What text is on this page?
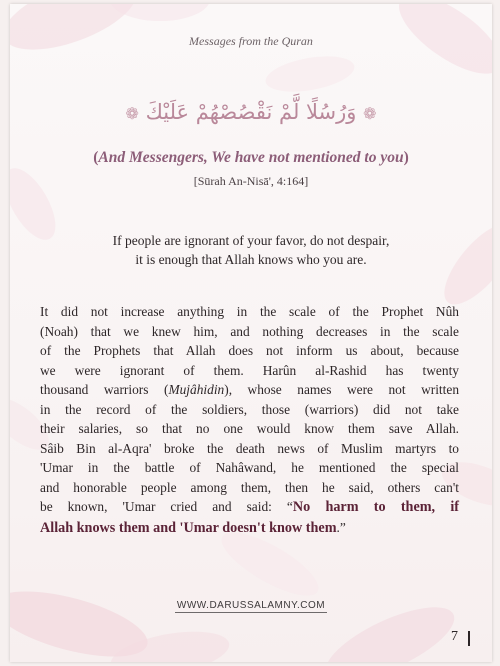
Messages from the Quran
❁ وَرُسُلًا لَّمْ نَقْصُصْهُمْ عَلَيْكَ ❁
(And Messengers, We have not mentioned to you)
[Sūrah An-Nisā', 4:164]
If people are ignorant of your favor, do not despair,
it is enough that Allah knows who you are.
It did not increase anything in the scale of the Prophet Nûh
(Noah) that we knew him, and nothing decreases in the scale
of the Prophets that Allah does not inform us about, because
we were ignorant of them. Harûn al-Rashid has twenty
thousand warriors (Mujâhidin), whose names were not written
in the record of the soldiers, those (warriors) did not take
their salaries, so that no one would know them save Allah.
Sâib Bin al-Aqra' broke the death news of Muslim martyrs to
'Umar in the battle of Nahâwand, he mentioned the special
and honorable people among them, then he said, others can't
be known, 'Umar cried and said: “No harm to them, if
Allah knows them and 'Umar doesn't know them.”
WWW.DARUSSALAMNY.COM
7
